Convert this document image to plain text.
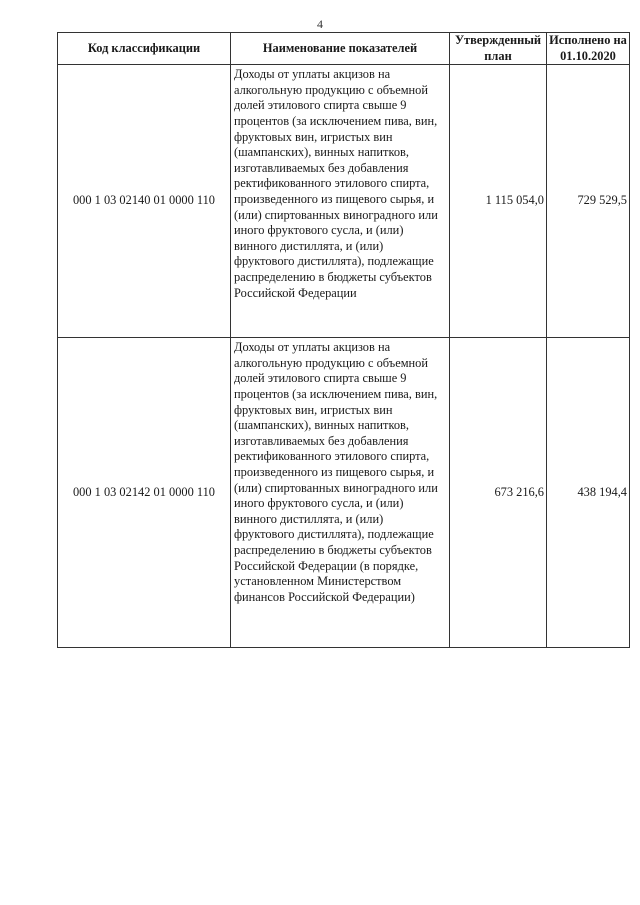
4
Код классификации	Наименование показателей	Утвержденный план	Исполнено на 01.10.2020
000 1 03 02140 01 0000 110	Доходы от уплаты акцизов на алкогольную продукцию с объемной долей этилового спирта свыше 9 процентов (за исключением пива, вин, фруктовых вин, игристых вин (шампанских), винных напитков, изготавливаемых без добавления ректификованного этилового спирта, произведенного из пищевого сырья, и (или) спиртованных виноградного или иного фруктового сусла, и (или) винного дистиллята, и (или) фруктового дистиллята), подлежащие распределению в бюджеты субъектов Российской Федерации	1 115 054,0	729 529,5
000 1 03 02142 01 0000 110	Доходы от уплаты акцизов на алкогольную продукцию с объемной долей этилового спирта свыше 9 процентов (за исключением пива, вин, фруктовых вин, игристых вин (шампанских), винных напитков, изготавливаемых без добавления ректификованного этилового спирта, произведенного из пищевого сырья, и (или) спиртованных виноградного или иного фруктового сусла, и (или) винного дистиллята, и (или) фруктового дистиллята), подлежащие распределению в бюджеты субъектов Российской Федерации (в порядке, установленном Министерством финансов Российской Федерации)	673 216,6	438 194,4
